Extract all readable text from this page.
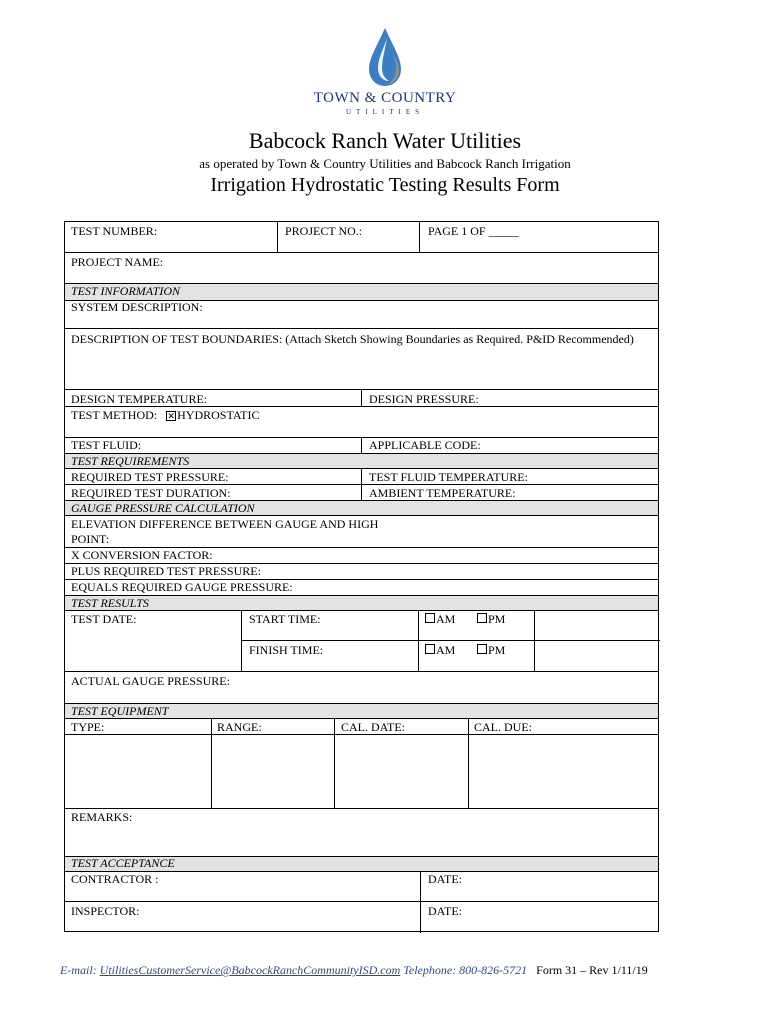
TOWN & COUNTRY
UTILITIES
Babcock Ranch Water Utilities
as operated by Town & Country Utilities and Babcock Ranch Irrigation
Irrigation Hydrostatic Testing Results Form
TEST NUMBER:	PROJECT NO.:	PAGE 1 OF _____
PROJECT NAME:
TEST INFORMATION
SYSTEM DESCRIPTION:
DESCRIPTION OF TEST BOUNDARIES: (Attach Sketch Showing Boundaries as Required. P&ID Recommended)
DESIGN TEMPERATURE:	DESIGN PRESSURE:
TEST METHOD: ✕ HYDROSTATIC
TEST FLUID:	APPLICABLE CODE:
TEST REQUIREMENTS
REQUIRED TEST PRESSURE:	TEST FLUID TEMPERATURE:
REQUIRED TEST DURATION:	AMBIENT TEMPERATURE:
GAUGE PRESSURE CALCULATION
ELEVATION DIFFERENCE BETWEEN GAUGE AND HIGH POINT:
X CONVERSION FACTOR:
PLUS REQUIRED TEST PRESSURE:
EQUALS REQUIRED GAUGE PRESSURE:
TEST RESULTS
TEST DATE:	START TIME:	AM	PM
FINISH TIME:	AM	PM
ACTUAL GAUGE PRESSURE:
TEST EQUIPMENT
TYPE:	RANGE:	CAL. DATE:	CAL. DUE:
REMARKS:
TEST ACCEPTANCE
CONTRACTOR :	DATE:
INSPECTOR:	DATE:
E-mail: UtilitiesCustomerService@BabcockRanchCommunityISD.com Telephone: 800-826-5721 Form 31 – Rev 1/11/19
